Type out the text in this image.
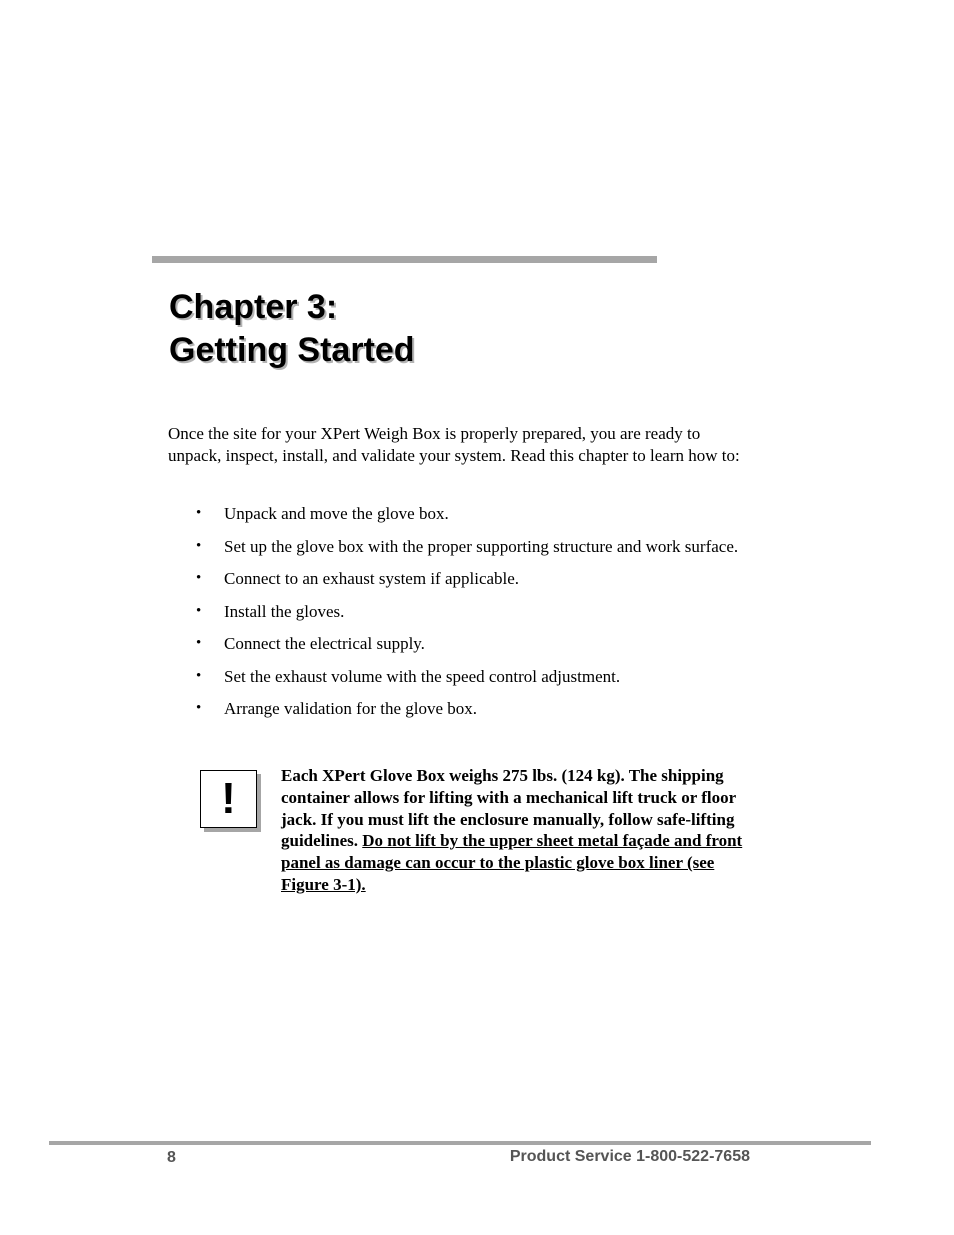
Chapter 3:
Getting Started

Once the site for your XPert Weigh Box is properly prepared, you are ready to unpack, inspect, install, and validate your system. Read this chapter to learn how to:

• Unpack and move the glove box.
• Set up the glove box with the proper supporting structure and work surface.
• Connect to an exhaust system if applicable.
• Install the gloves.
• Connect the electrical supply.
• Set the exhaust volume with the speed control adjustment.
• Arrange validation for the glove box.
!	Each XPert Glove Box weighs 275 lbs. (124 kg). The shipping container allows for lifting with a mechanical lift truck or floor jack. If you must lift the enclosure manually, follow safe-lifting guidelines. Do not lift by the upper sheet metal façade and front panel as damage can occur to the plastic glove box liner (see Figure 3-1).

8	Product Service 1-800-522-7658
